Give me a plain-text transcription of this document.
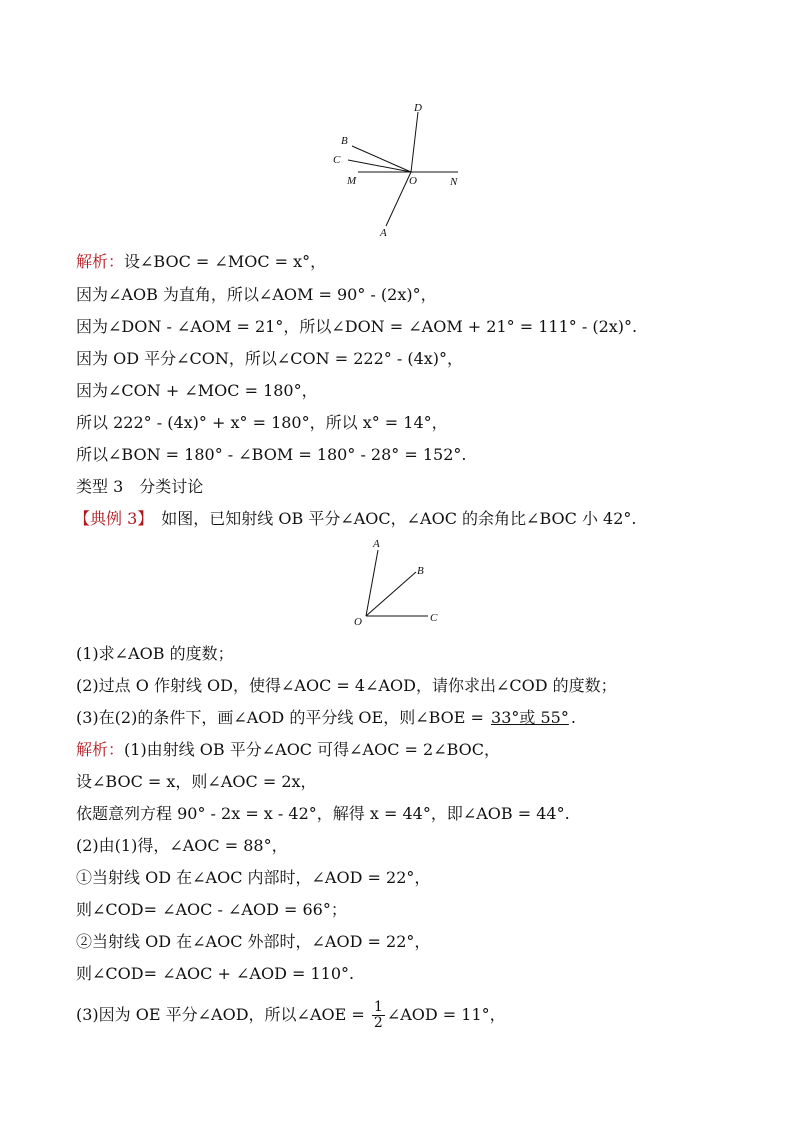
D
B
C
M	O	N
A
解析：设∠BOC = ∠MOC = x°，
因为∠AOB 为直角，所以∠AOM = 90° - (2x)°，
因为∠DON - ∠AOM = 21°，所以∠DON = ∠AOM + 21° = 111° - (2x)°.
因为 OD 平分∠CON，所以∠CON = 222° - (4x)°，
因为∠CON + ∠MOC = 180°，
所以 222° - (4x)° + x° = 180°，所以 x° = 14°，
所以∠BON = 180° - ∠BOM = 180° - 28° = 152°.
类型 3　分类讨论
【典例 3】 如图，已知射线 OB 平分∠AOC，∠AOC 的余角比∠BOC 小 42°.
A
B
O	C
(1)求∠AOB 的度数；
(2)过点 O 作射线 OD，使得∠AOC = 4∠AOD，请你求出∠COD 的度数；
(3)在(2)的条件下，画∠AOD 的平分线 OE，则∠BOE = 33°或 55° .
解析：(1)由射线 OB 平分∠AOC 可得∠AOC = 2∠BOC，
设∠BOC = x，则∠AOC = 2x，
依题意列方程 90° - 2x = x - 42°，解得 x = 44°，即∠AOB = 44°.
(2)由(1)得，∠AOC = 88°，
①当射线 OD 在∠AOC 内部时，∠AOD = 22°，
则∠COD= ∠AOC - ∠AOD = 66°；
②当射线 OD 在∠AOC 外部时，∠AOD = 22°，
则∠COD= ∠AOC + ∠AOD = 110°.
(3)因为 OE 平分∠AOD，所以∠AOE = $\frac{1}{2}$ ∠AOD = 11°，
